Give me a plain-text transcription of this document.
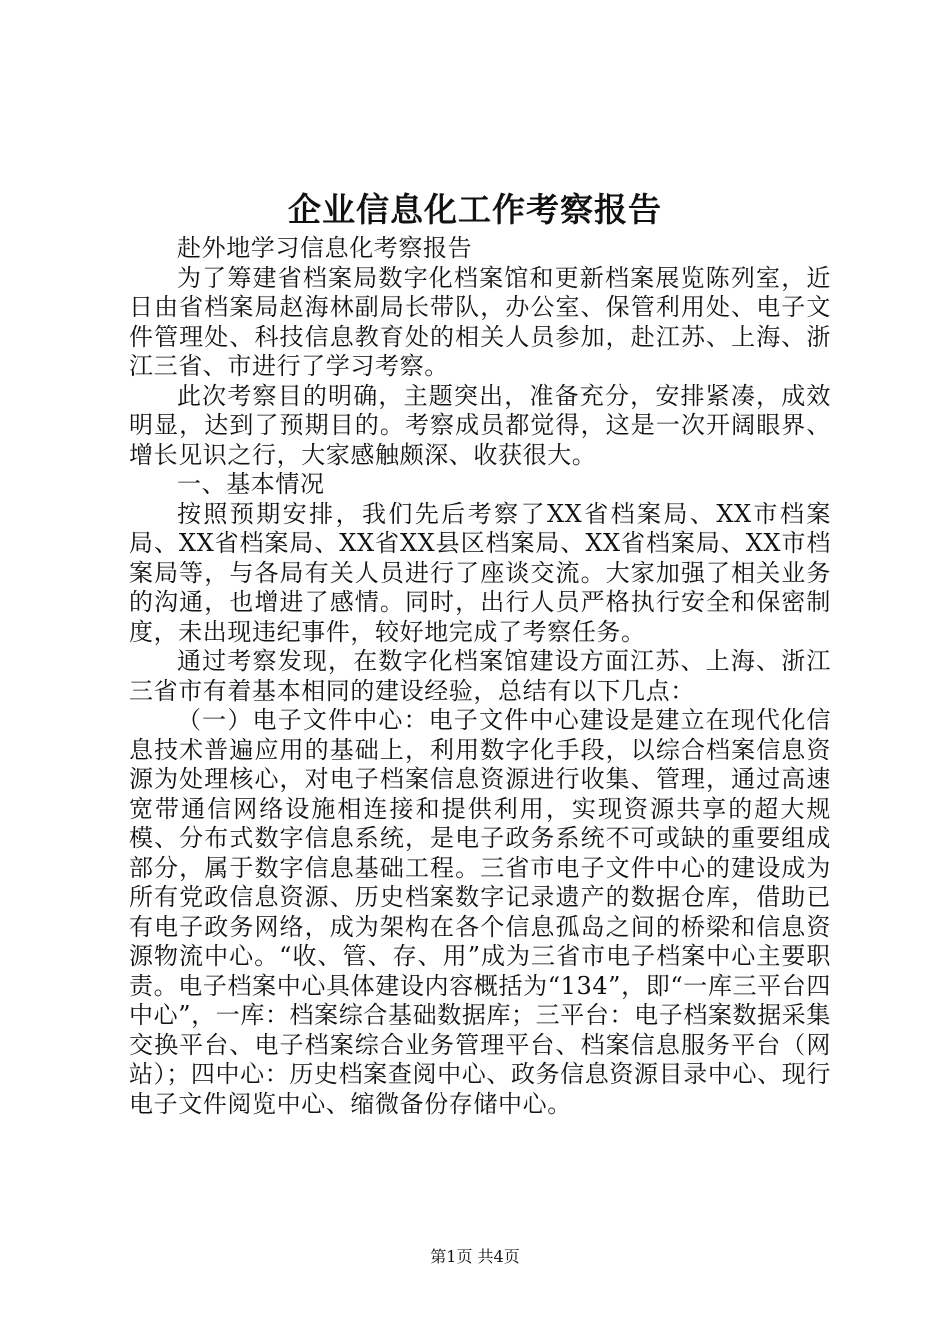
企业信息化工作考察报告

赴外地学习信息化考察报告

为了筹建省档案局数字化档案馆和更新档案展览陈列室，近日由省档案局赵海林副局长带队，办公室、保管利用处、电子文件管理处、科技信息教育处的相关人员参加，赴江苏、上海、浙江三省、市进行了学习考察。

此次考察目的明确，主题突出，准备充分，安排紧凑，成效明显，达到了预期目的。考察成员都觉得，这是一次开阔眼界、增长见识之行，大家感触颇深、收获很大。

一、基本情况

按照预期安排，我们先后考察了XX省档案局、XX市档案局、XX省档案局、XX省XX县区档案局、XX省档案局、XX市档案局等，与各局有关人员进行了座谈交流。大家加强了相关业务的沟通，也增进了感情。同时，出行人员严格执行安全和保密制度，未出现违纪事件，较好地完成了考察任务。

通过考察发现，在数字化档案馆建设方面江苏、上海、浙江三省市有着基本相同的建设经验，总结有以下几点：

（一）电子文件中心：电子文件中心建设是建立在现代化信息技术普遍应用的基础上，利用数字化手段，以综合档案信息资源为处理核心，对电子档案信息资源进行收集、管理，通过高速宽带通信网络设施相连接和提供利用，实现资源共享的超大规模、分布式数字信息系统，是电子政务系统不可或缺的重要组成部分，属于数字信息基础工程。三省市电子文件中心的建设成为所有党政信息资源、历史档案数字记录遗产的数据仓库，借助已有电子政务网络，成为架构在各个信息孤岛之间的桥梁和信息资源物流中心。“收、管、存、用”成为三省市电子档案中心主要职责。电子档案中心具体建设内容概括为“134”，即“一库三平台四中心”，一库：档案综合基础数据库；三平台：电子档案数据采集交换平台、电子档案综合业务管理平台、档案信息服务平台（网站）；四中心：历史档案查阅中心、政务信息资源目录中心、现行电子文件阅览中心、缩微备份存储中心。

第1页 共4页
